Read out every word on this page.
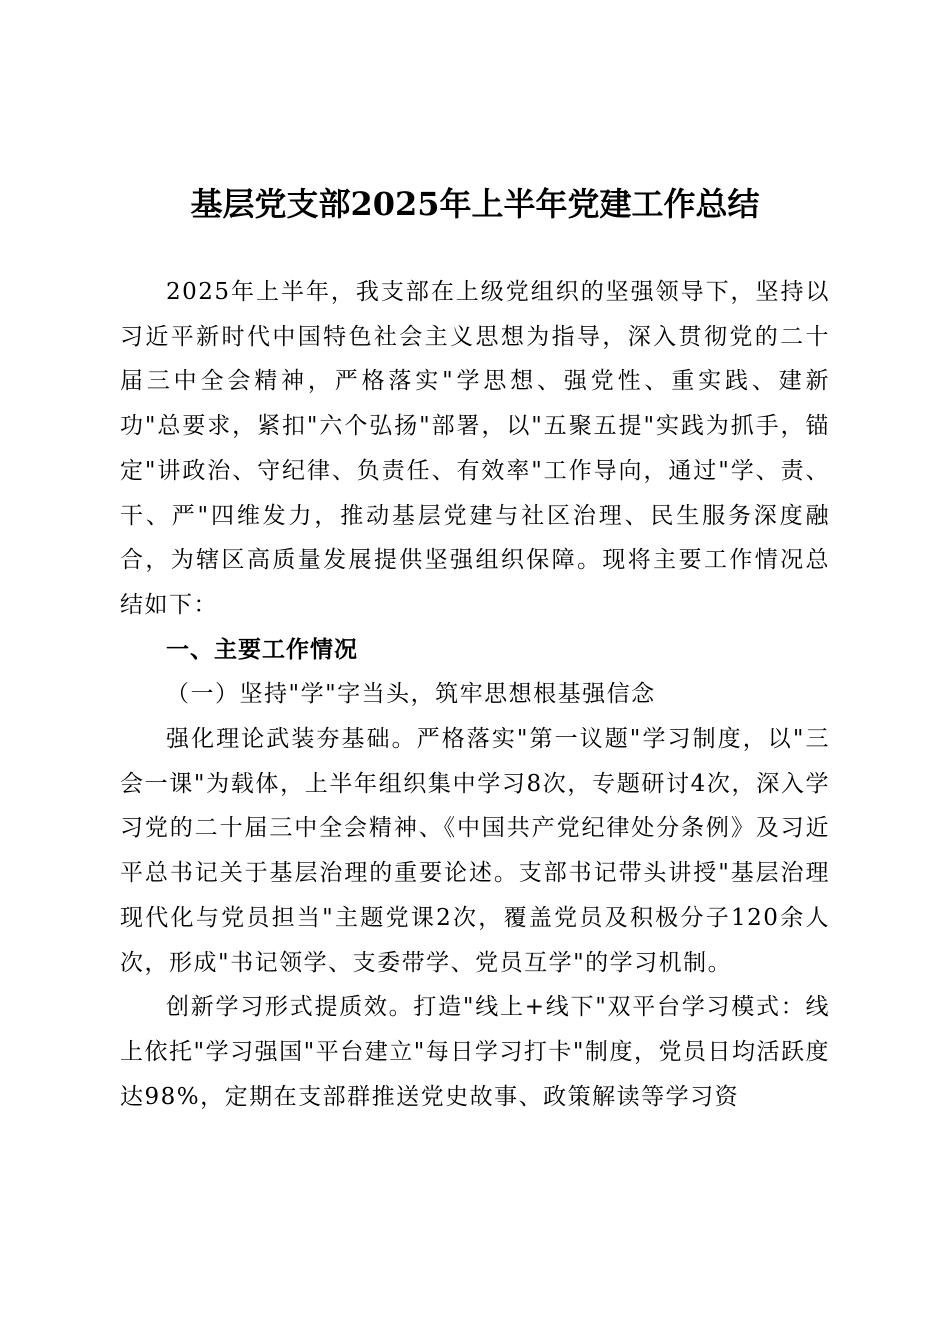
基层党支部2025年上半年党建工作总结

2025年上半年，我支部在上级党组织的坚强领导下，坚持以习近平新时代中国特色社会主义思想为指导，深入贯彻党的二十届三中全会精神，严格落实"学思想、强党性、重实践、建新功"总要求，紧扣"六个弘扬"部署，以"五聚五提"实践为抓手，锚定"讲政治、守纪律、负责任、有效率"工作导向，通过"学、责、干、严"四维发力，推动基层党建与社区治理、民生服务深度融合，为辖区高质量发展提供坚强组织保障。现将主要工作情况总结如下：

一、主要工作情况

（一）坚持"学"字当头，筑牢思想根基强信念

强化理论武装夯基础。严格落实"第一议题"学习制度，以"三会一课"为载体，上半年组织集中学习8次，专题研讨4次，深入学习党的二十届三中全会精神、《中国共产党纪律处分条例》及习近平总书记关于基层治理的重要论述。支部书记带头讲授"基层治理现代化与党员担当"主题党课2次，覆盖党员及积极分子120余人次，形成"书记领学、支委带学、党员互学"的学习机制。

创新学习形式提质效。打造"线上+线下"双平台学习模式：线上依托"学习强国"平台建立"每日学习打卡"制度，党员日均活跃度达98%，定期在支部群推送党史故事、政策解读等学习资
